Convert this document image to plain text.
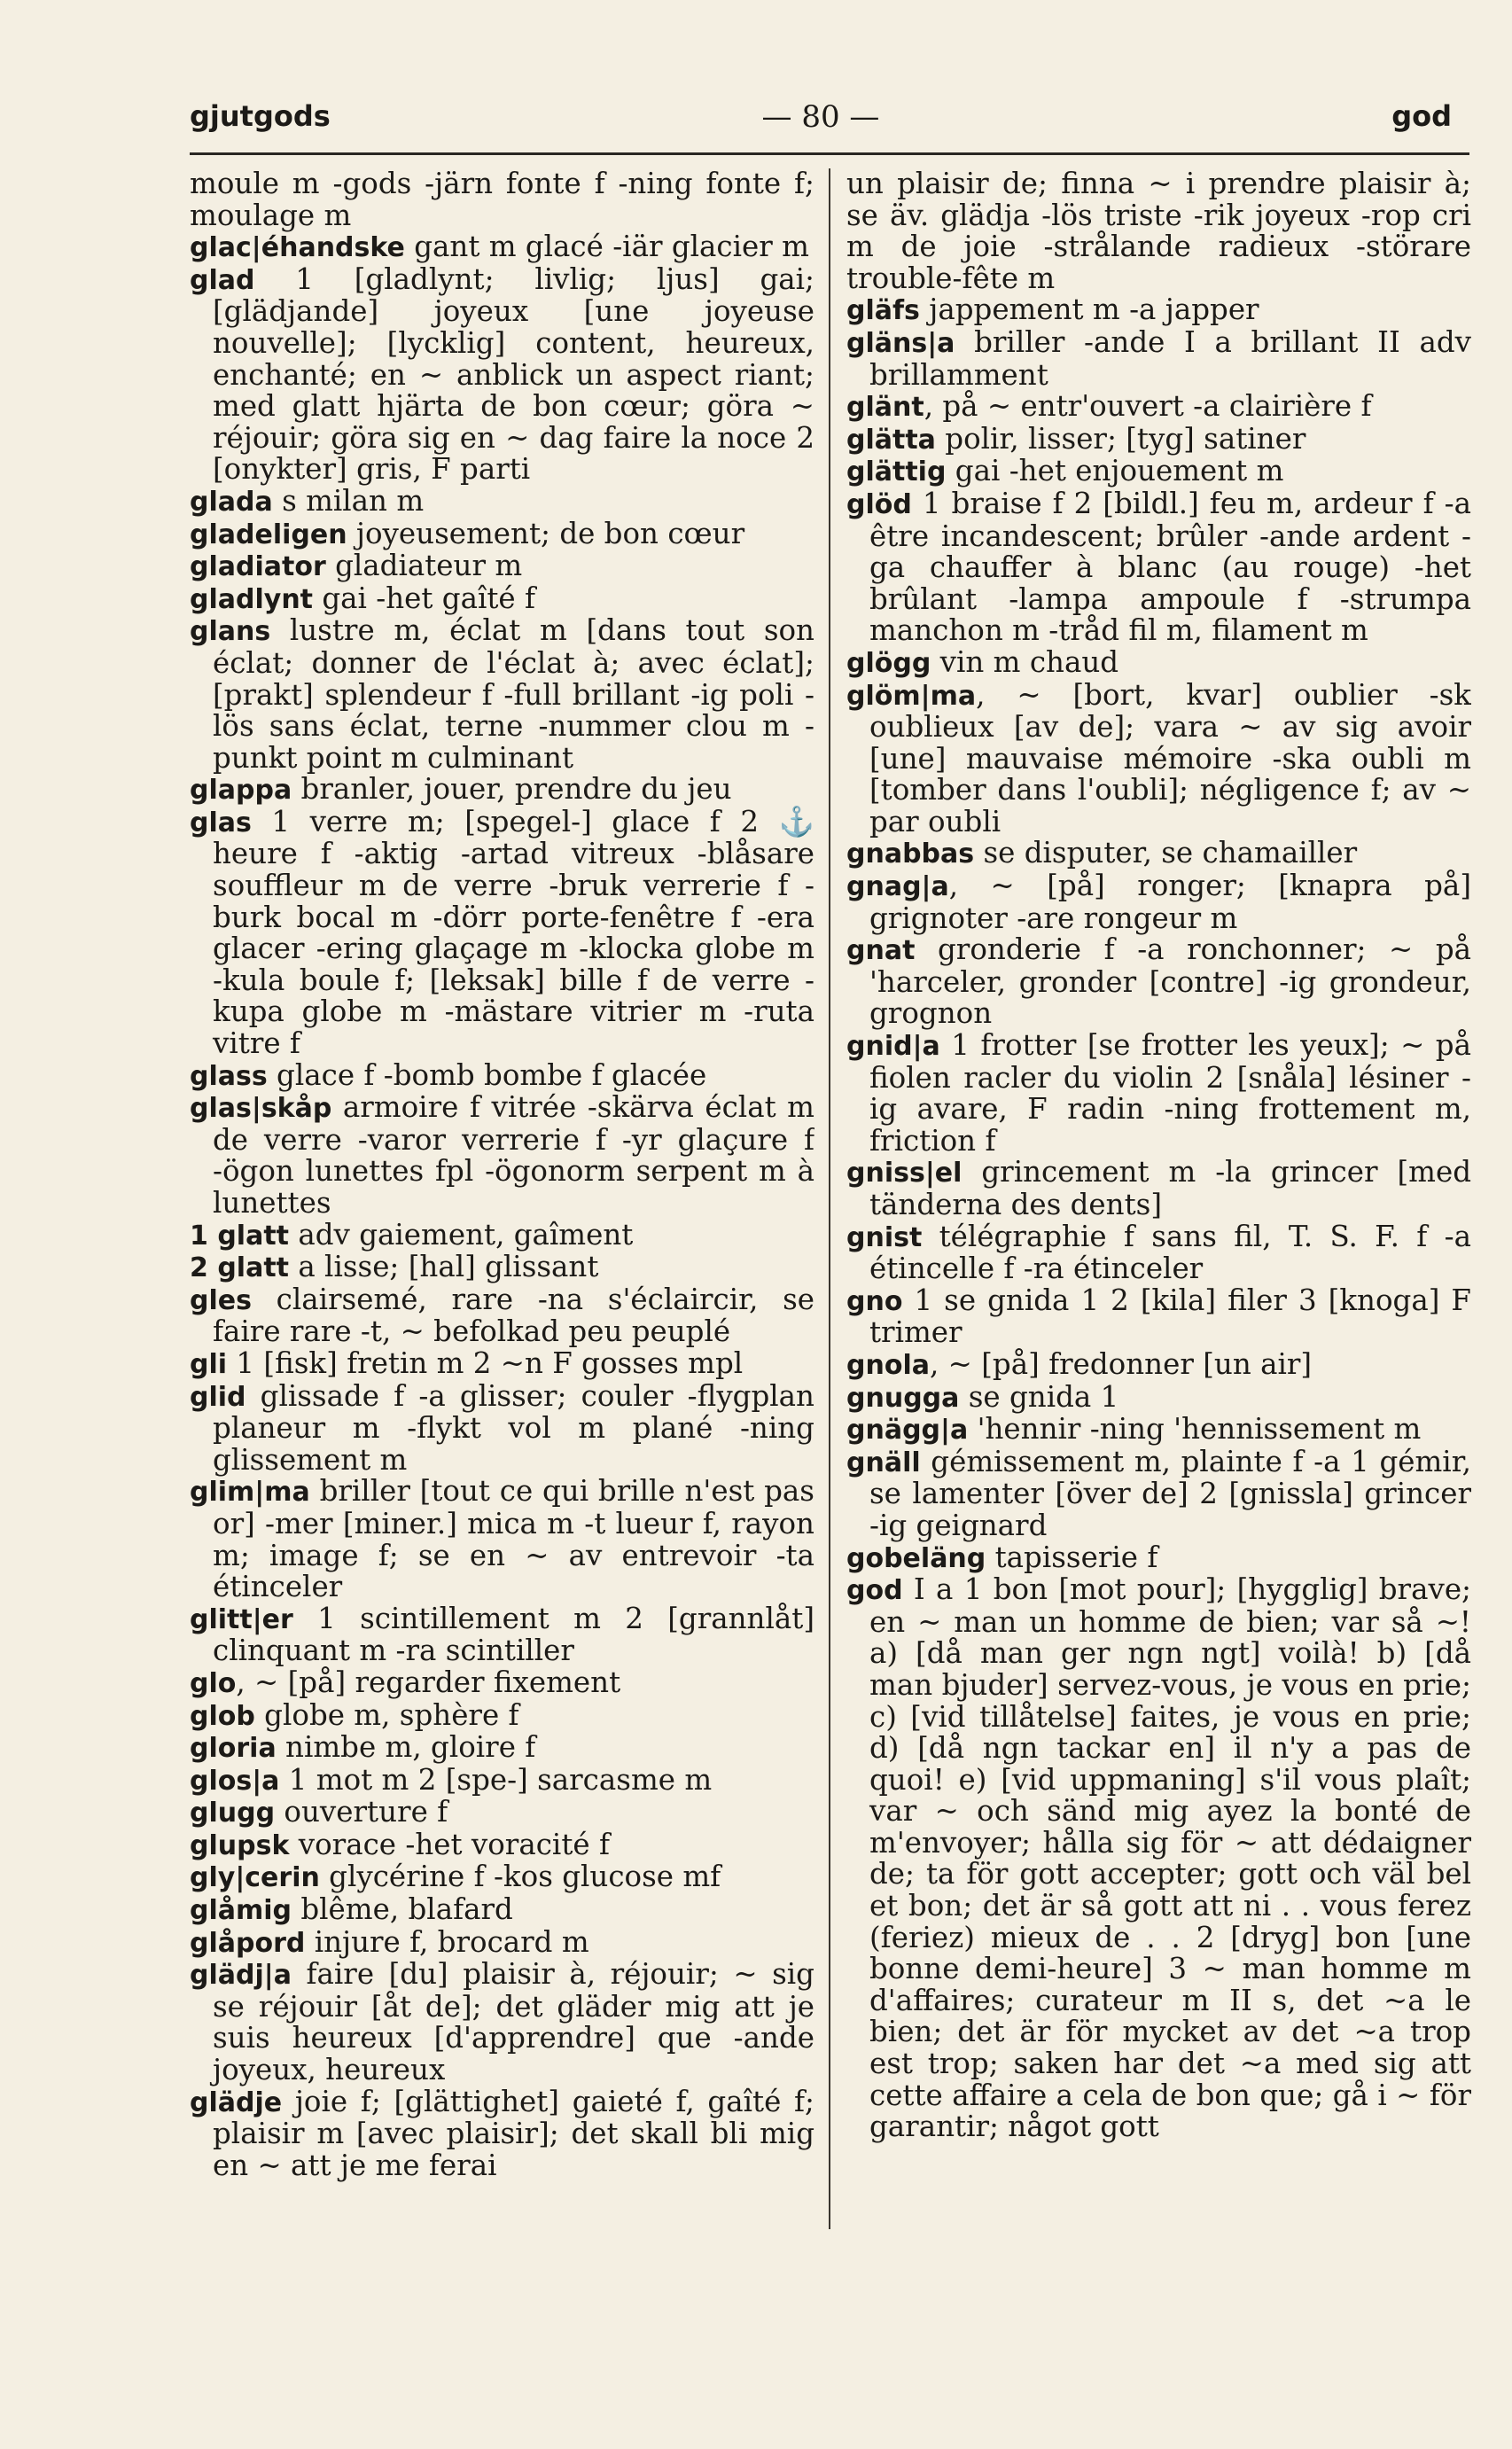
gjutgods	— 80 —	god

moule m -gods -järn fonte f -ning fonte f; moulage m

glac|éhandske gant m glacé -iär glacier m

glad 1 [gladlynt; livlig; ljus] gai; [glädjande] joyeux [une joyeuse nouvelle]; [lycklig] content, heureux, enchanté; en ~ anblick un aspect riant; med glatt hjärta de bon cœur; göra ~ réjouir; göra sig en ~ dag faire la noce 2 [onykter] gris, F parti

glada s milan m

gladeligen joyeusement; de bon cœur

gladiator gladiateur m

gladlynt gai -het gaîté f

glans lustre m, éclat m [dans tout son éclat; donner de l'éclat à; avec éclat]; [prakt] splendeur f -full brillant -ig poli -lös sans éclat, terne -nummer clou m -punkt point m culminant

glappa branler, jouer, prendre du jeu

glas 1 verre m; [spegel-] glace f 2 ⚓ heure f -aktig -artad vitreux -blåsare souffleur m de verre -bruk verrerie f -burk bocal m -dörr porte-fenêtre f -era glacer -ering glaçage m -klocka globe m -kula boule f; [leksak] bille f de verre -kupa globe m -mästare vitrier m -ruta vitre f

glass glace f -bomb bombe f glacée

glas|skåp armoire f vitrée -skärva éclat m de verre -varor verrerie f -yr glaçure f -ögon lunettes fpl -ögonorm serpent m à lunettes

1 glatt adv gaiement, gaîment

2 glatt a lisse; [hal] glissant

gles clairsemé, rare -na s'éclaircir, se faire rare -t, ~ befolkad peu peuplé

gli 1 [fisk] fretin m 2 ~n F gosses mpl

glid glissade f -a glisser; couler -flygplan planeur m -flykt vol m plané -ning glissement m

glim|ma briller [tout ce qui brille n'est pas or] -mer [miner.] mica m -t lueur f, rayon m; image f; se en ~ av entrevoir -ta étinceler

glitt|er 1 scintillement m 2 [grannlåt] clinquant m -ra scintiller

glo, ~ [på] regarder fixement

glob globe m, sphère f

gloria nimbe m, gloire f

glos|a 1 mot m 2 [spe-] sarcasme m

glugg ouverture f

glupsk vorace -het voracité f

gly|cerin glycérine f -kos glucose mf

glåmig blême, blafard

glåpord injure f, brocard m

glädj|a faire [du] plaisir à, réjouir; ~ sig se réjouir [åt de]; det gläder mig att je suis heureux [d'apprendre] que -ande joyeux, heureux

glädje joie f; [glättighet] gaieté f, gaîté f; plaisir m [avec plaisir]; det skall bli mig en ~ att je me ferai

un plaisir de; finna ~ i prendre plaisir à; se äv. glädja -lös triste -rik joyeux -rop cri m de joie -strålande radieux -störare trouble-fête m

gläfs jappement m -a japper

gläns|a briller -ande I a brillant II adv brillamment

glänt, på ~ entr'ouvert -a clairière f

glätta polir, lisser; [tyg] satiner

glättig gai -het enjouement m

glöd 1 braise f 2 [bildl.] feu m, ardeur f -a être incandescent; brûler -ande ardent -ga chauffer à blanc (au rouge) -het brûlant -lampa ampoule f -strumpa manchon m -tråd fil m, filament m

glögg vin m chaud

glöm|ma, ~ [bort, kvar] oublier -sk oublieux [av de]; vara ~ av sig avoir [une] mauvaise mémoire -ska oubli m [tomber dans l'oubli]; négligence f; av ~ par oubli

gnabbas se disputer, se chamailler

gnag|a, ~ [på] ronger; [knapra på] grignoter -are rongeur m

gnat gronderie f -a ronchonner; ~ på 'harceler, gronder [contre] -ig grondeur, grognon

gnid|a 1 frotter [se frotter les yeux]; ~ på fiolen racler du violin 2 [snåla] lésiner -ig avare, F radin -ning frottement m, friction f

gniss|el grincement m -la grincer [med tänderna des dents]

gnist télégraphie f sans fil, T. S. F. f -a étincelle f -ra étinceler

gno 1 se gnida 1 2 [kila] filer 3 [knoga] F trimer

gnola, ~ [på] fredonner [un air]

gnugga se gnida 1

gnägg|a 'hennir -ning 'hennissement m

gnäll gémissement m, plainte f -a 1 gémir, se lamenter [över de] 2 [gnissla] grincer -ig geignard

gobeläng tapisserie f

god I a 1 bon [mot pour]; [hygglig] brave; en ~ man un homme de bien; var så ~! a) [då man ger ngn ngt] voilà! b) [då man bjuder] servez-vous, je vous en prie; c) [vid tillåtelse] faites, je vous en prie; d) [då ngn tackar en] il n'y a pas de quoi! e) [vid uppmaning] s'il vous plaît; var ~ och sänd mig ayez la bonté de m'envoyer; hålla sig för ~ att dédaigner de; ta för gott accepter; gott och väl bel et bon; det är så gott att ni . . vous ferez (feriez) mieux de . . 2 [dryg] bon [une bonne demi-heure] 3 ~ man homme m d'affaires; curateur m II s, det ~a le bien; det är för mycket av det ~a trop est trop; saken har det ~a med sig att cette affaire a cela de bon que; gå i ~ för garantir; något gott
